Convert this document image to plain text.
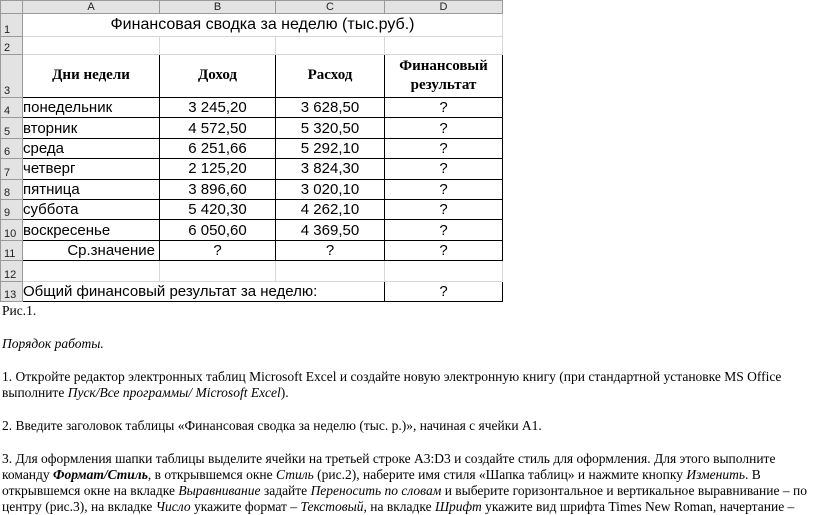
	A	B	C	D
1	Финансовая сводка за неделю (тыс.руб.)			
2				
3	Дни недели	Доход	Расход	Финансовый
результат

4	понедельник	3 245,20	3 628,50	?
5	вторник	4 572,50	5 320,50	?
6	среда	6 251,66	5 292,10	?
7	четверг	2 125,20	3 824,30	?
8	пятница	3 896,60	3 020,10	?
9	суббота	5 420,30	4 262,10	?
10	воскресенье	6 050,60	4 369,50	?
11	Ср.значение	?	?	?
12				
13	Общий финансовый результат за неделю:			?

Рис.1.

Порядок работы.

1. Откройте редактор электронных таблиц Microsoft Excel и создайте новую электронную книгу (при стандартной установке MS Office выполните Пуск/Все программы/ Microsoft Excel).

2. Введите заголовок таблицы «Финансовая сводка за неделю (тыс. р.)», начиная с ячейки A1.

3. Для оформления шапки таблицы выделите ячейки на третьей строке A3:D3 и создайте стиль для оформления. Для этого выполните команду Формат/Стиль, в открывшемся окне Стиль (рис.2), наберите имя стиля «Шапка таблиц» и нажмите кнопку Изменить. В открывшемся окне на вкладке Выравнивание задайте Переносить по словам и выберите горизонтальное и вертикальное выравнивание – по центру (рис.3), на вкладке Число укажите формат – Текстовый, на вкладке Шрифт укажите вид шрифта Times New Roman, начертание –
